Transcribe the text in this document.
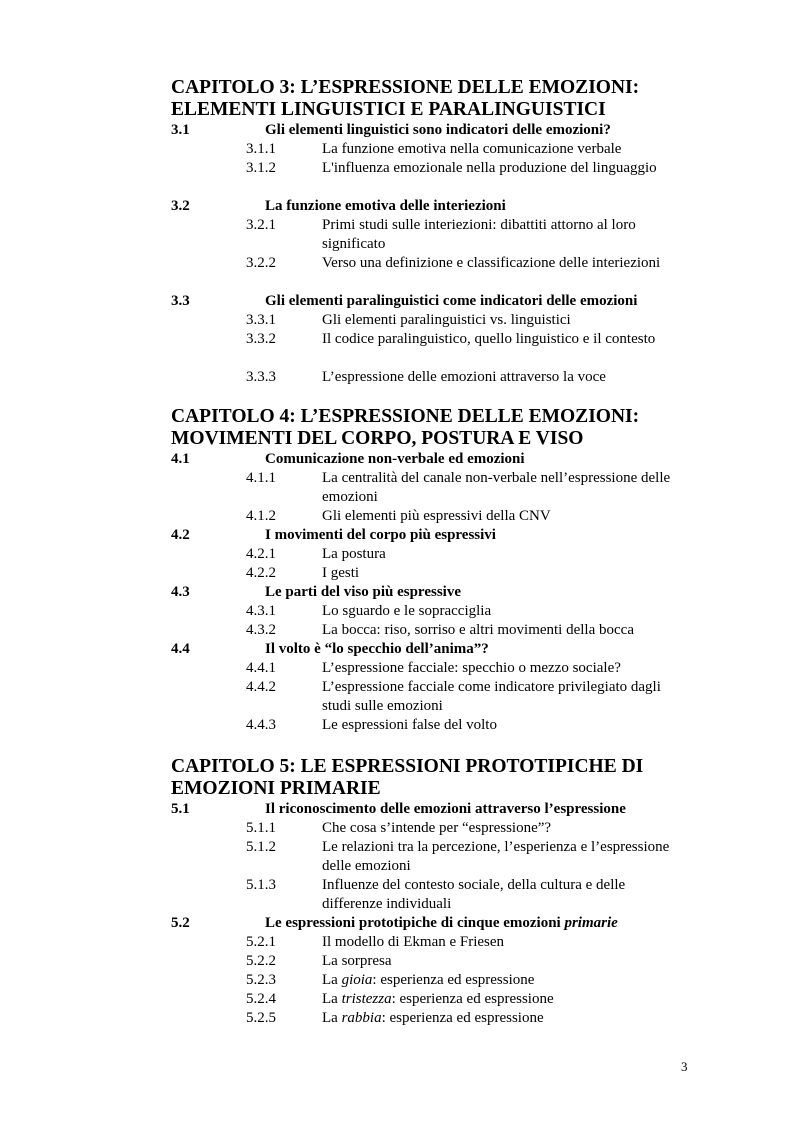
CAPITOLO 3: L’ESPRESSIONE DELLE EMOZIONI:

ELEMENTI LINGUISTICI E PARALINGUISTICI

3.1	Gli elementi linguistici sono indicatori delle emozioni?
3.1.1	La funzione emotiva nella comunicazione verbale
3.1.2	L'influenza emozionale nella produzione del linguaggio
3.2	La funzione emotiva delle interiezioni
3.2.1	Primi studi sulle interiezioni: dibattiti attorno al loro significato
3.2.2	Verso una definizione e classificazione delle interiezioni
3.3	Gli elementi paralinguistici come indicatori delle emozioni
3.3.1	Gli elementi paralinguistici vs. linguistici
3.3.2	Il codice paralinguistico, quello linguistico e il contesto
3.3.3	L’espressione delle emozioni attraverso la voce

CAPITOLO 4: L’ESPRESSIONE DELLE EMOZIONI:

MOVIMENTI DEL CORPO, POSTURA E VISO

4.1	Comunicazione non-verbale ed emozioni
4.1.1	La centralità del canale non-verbale nell’espressione delle emozioni
4.1.2	Gli elementi più espressivi della CNV
4.2	I movimenti del corpo più espressivi
4.2.1	La postura
4.2.2	I gesti
4.3	Le parti del viso più espressive
4.3.1	Lo sguardo e le sopracciglia
4.3.2	La bocca: riso, sorriso e altri movimenti della bocca
4.4	Il volto è “lo specchio dell’anima”?
4.4.1	L’espressione facciale: specchio o mezzo sociale?
4.4.2	L’espressione facciale come indicatore privilegiato dagli studi sulle emozioni
4.4.3	Le espressioni false del volto

CAPITOLO 5: LE ESPRESSIONI PROTOTIPICHE DI

EMOZIONI PRIMARIE

5.1	Il riconoscimento delle emozioni attraverso l’espressione
5.1.1	Che cosa s’intende per “espressione”?
5.1.2	Le relazioni tra la percezione, l’esperienza e l’espressione delle emozioni
5.1.3	Influenze del contesto sociale, della cultura e delle differenze individuali
5.2	Le espressioni prototipiche di cinque emozioni primarie
5.2.1	Il modello di Ekman e Friesen
5.2.2	La sorpresa
5.2.3	La gioia: esperienza ed espressione
5.2.4	La tristezza: esperienza ed espressione
5.2.5	La rabbia: esperienza ed espressione
3
